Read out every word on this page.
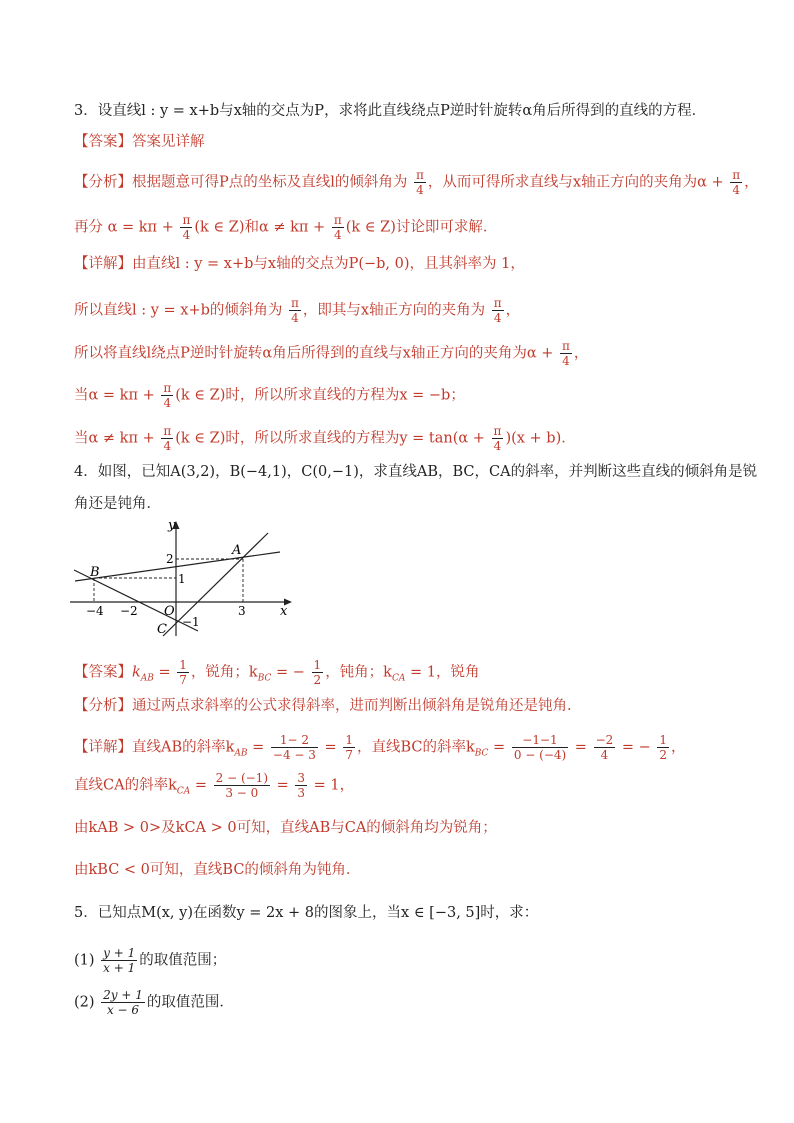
3．设直线l : y = x+b与x轴的交点为P，求将此直线绕点P逆时针旋转α角后所得到的直线的方程．
【答案】答案见详解
【分析】根据题意可得P点的坐标及直线l的倾斜角为 $\frac{\pi}{4}$ ，从而可得所求直线与x轴正方向的夹角为$\alpha + \frac{\pi}{4}$ ，
再分 $\alpha = k\pi + \frac{\pi}{4} (k$ ∈ Z)和$\alpha \ne k\pi + \frac{\pi}{4} (k$ ∈ Z)讨论即可求解．
【详解】由直线l : y = x+b与x轴的交点为P(−b, 0)，且其斜率为 1，
所以直线l : y = x+b的倾斜角为 $\frac{\pi}{4}$ ，即其与x轴正方向的夹角为 $\frac{\pi}{4}$ ，
所以将直线l绕点P逆时针旋转α角后所得到的直线与x轴正方向的夹角为$\alpha + \frac{\pi}{4}$ ，
当$\alpha = k\pi + \frac{\pi}{4} (k$ ∈ Z)时，所以所求直线的方程为x = −b；
当$\alpha \ne k\pi + \frac{\pi}{4} (k$ ∈ Z)时，所以所求直线的方程为$y = \tan(\alpha + \frac{\pi}{4} )(x + b)$．
4．如图，已知A(3,2)，B(−4,1)，C(0,−1)，求直线AB，BC，CA的斜率，并判断这些直线的倾斜角是锐
角还是钝角．
y
x
A
B
C
O
2
1
−4 −2	3
−1
【答案】$k_{AB} = \frac{1}{7}$ ，锐角；$k_{BC}$ = − $\frac{1}{2}$ ，钝角；$k_{CA} = 1$，锐角
【分析】通过两点求斜率的公式求得斜率，进而判断出倾斜角是锐角还是钝角.
【详解】直线AB的斜率$k_{AB} = \frac{1- 2}{-4 - 3} = \frac{1}{7}$ ，直线BC的斜率$k_{BC} = \frac{-1-1}{0 - (-4)} = \frac{-2}{4}$ = − $\frac{1}{2}$ ，
直线CA的斜率$k_{CA} = \frac{2 - (-1)}{3 - 0} = \frac{3}{3} = 1$，
由kAB > 0>及kCA > 0可知，直线AB与CA的倾斜角均为锐角；
由kBC < 0可知，直线BC的倾斜角为钝角．
5．已知点M(x, y)在函数y = 2x + 8的图象上，当x ∈ [−3, 5]时，求：
$(1) \frac{y + 1}{x + 1}$ 的取值范围；
$(2) \frac{2y + 1}{x - 6}$ 的取值范围．
